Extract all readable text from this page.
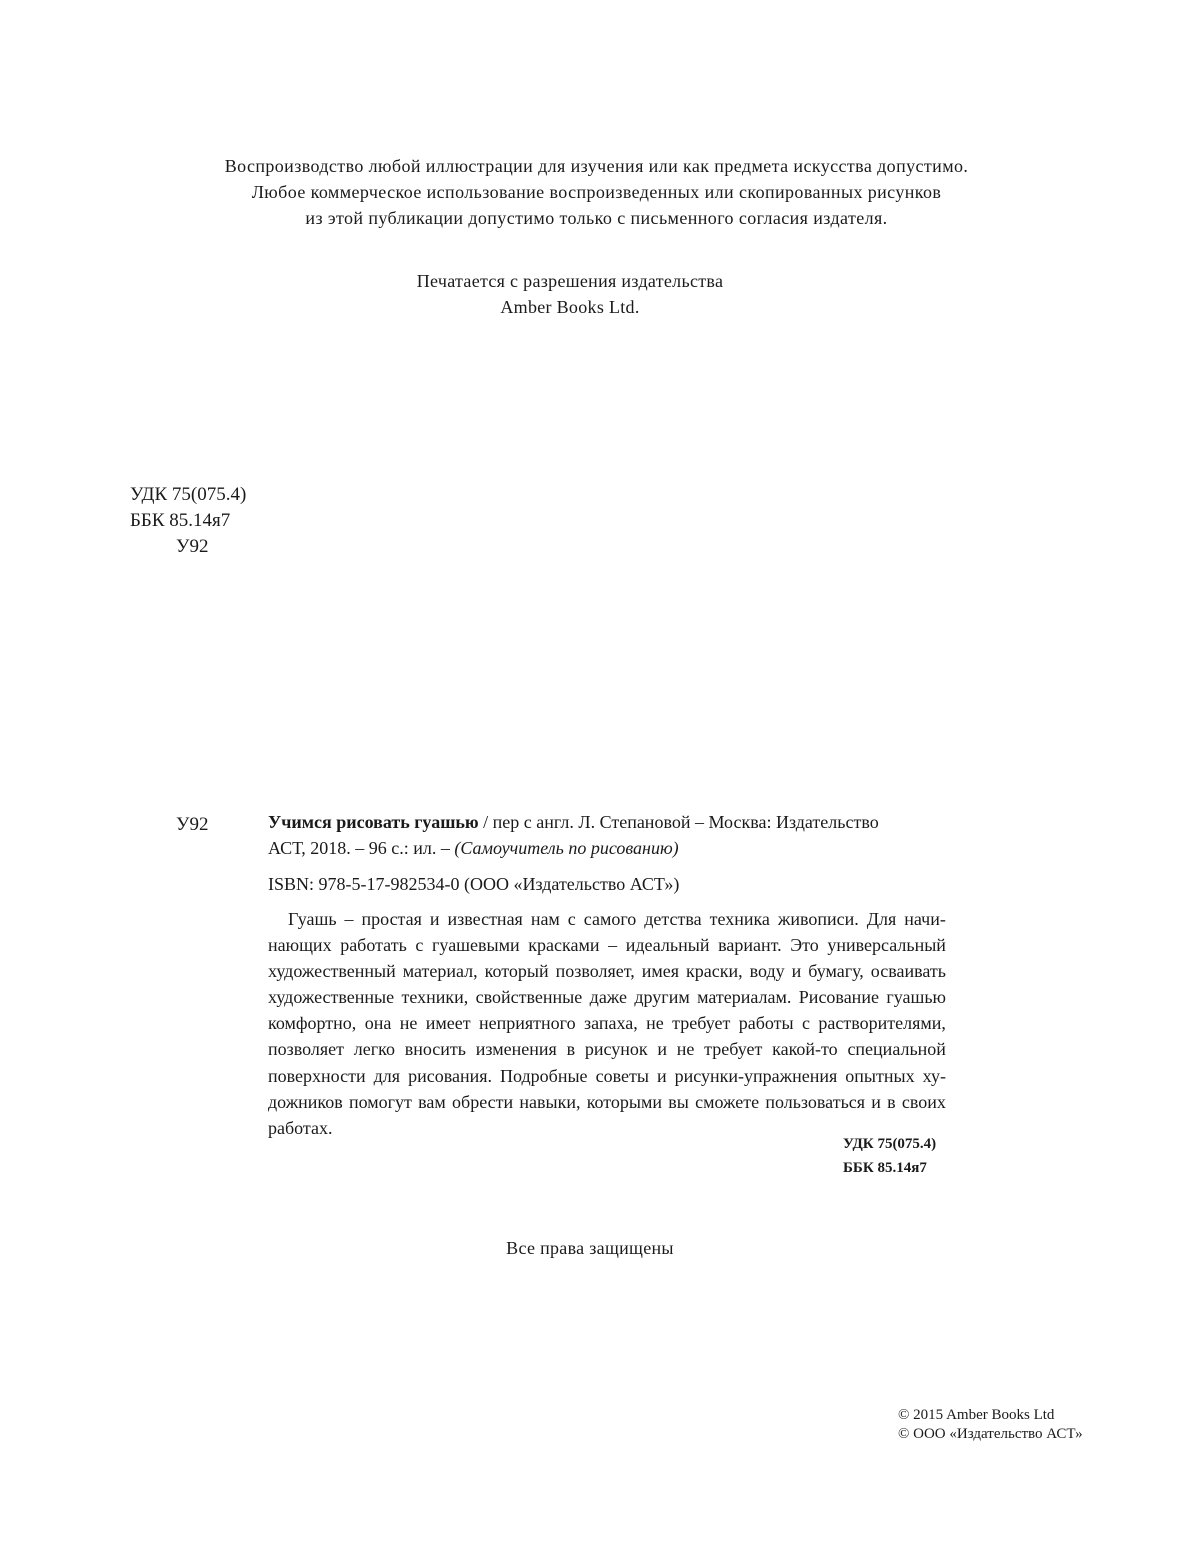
Воспроизводство любой иллюстрации для изучения или как предмета искусства допустимо.
Любое коммерческое использование воспроизведенных или скопированных рисунков
из этой публикации допустимо только с письменного согласия издателя.
Печатается с разрешения издательства
Amber Books Ltd.
УДК 75(075.4)
ББК 85.14я7
У92
У92	Учимся рисовать гуашью / пер с англ. Л. Степановой – Москва: Издательство
АСТ, 2018. – 96 с.: ил. – (Самоучитель по рисованию)
ISBN: 978-5-17-982534-0 (ООО «Издательство АСТ»)
Гуашь – простая и известная нам с самого детства техника живописи. Для начи-
нающих работать с гуашевыми красками – идеальный вариант. Это универсальный
художественный материал, который позволяет, имея краски, воду и бумагу, осваивать
художественные техники, свойственные даже другим материалам. Рисование гуашью
комфортно, она не имеет неприятного запаха, не требует работы с растворителями,
позволяет легко вносить изменения в рисунок и не требует какой-то специальной
поверхности для рисования. Подробные советы и рисунки-упражнения опытных ху-
дожников помогут вам обрести навыки, которыми вы сможете пользоваться и в своих
работах.
УДК 75(075.4)
ББК 85.14я7
Все права защищены
© 2015 Amber Books Ltd
© ООО «Издательство АСТ»
